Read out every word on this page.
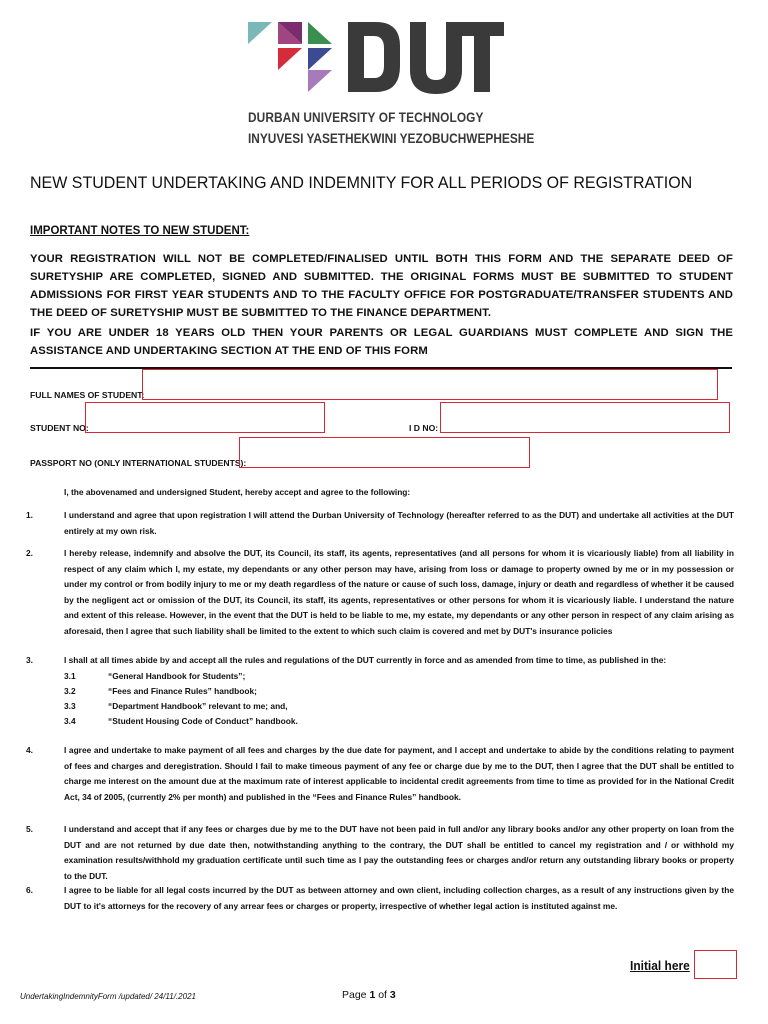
DURBAN UNIVERSITY OF TECHNOLOGY
INYUVESI YASETHEKWINI YEZOBUCHWEPHESHE
NEW STUDENT UNDERTAKING AND INDEMNITY FOR ALL PERIODS OF REGISTRATION
IMPORTANT NOTES TO NEW STUDENT:
YOUR REGISTRATION WILL NOT BE COMPLETED/FINALISED UNTIL BOTH THIS FORM AND THE SEPARATE DEED OF SURETYSHIP ARE COMPLETED, SIGNED AND SUBMITTED. THE ORIGINAL FORMS MUST BE SUBMITTED TO STUDENT ADMISSIONS FOR FIRST YEAR STUDENTS AND TO THE FACULTY OFFICE FOR POSTGRADUATE/TRANSFER STUDENTS AND THE DEED OF SURETYSHIP MUST BE SUBMITTED TO THE FINANCE DEPARTMENT.
IF YOU ARE UNDER 18 YEARS OLD THEN YOUR PARENTS OR LEGAL GUARDIANS MUST COMPLETE AND SIGN THE ASSISTANCE AND UNDERTAKING SECTION AT THE END OF THIS FORM
FULL NAMES OF STUDENT:
STUDENT NO:	I D NO:
PASSPORT NO (ONLY INTERNATIONAL STUDENTS):
I, the abovenamed and undersigned Student, hereby accept and agree to the following:
1.	I understand and agree that upon registration I will attend the Durban University of Technology (hereafter referred to as the DUT) and undertake all activities at the DUT entirely at my own risk.
2.	I hereby release, indemnify and absolve the DUT, its Council, its staff, its agents, representatives (and all persons for whom it is vicariously liable) from all liability in respect of any claim which I, my estate, my dependants or any other person may have, arising from loss or damage to property owned by me or in my possession or under my control or from bodily injury to me or my death regardless of the nature or cause of such loss, damage, injury or death and regardless of whether it be caused by the negligent act or omission of the DUT, its Council, its staff, its agents, representatives or other persons for whom it is vicariously liable. I understand the nature and extent of this release. However, in the event that the DUT is held to be liable to me, my estate, my dependants or any other person in respect of any claim arising as aforesaid, then I agree that such liability shall be limited to the extent to which such claim is covered and met by DUT's insurance policies
3.	I shall at all times abide by and accept all the rules and regulations of the DUT currently in force and as amended from time to time, as published in the:
3.1	“General Handbook for Students”;
3.2	“Fees and Finance Rules” handbook;
3.3	“Department Handbook” relevant to me; and,
3.4	“Student Housing Code of Conduct” handbook.
4.	I agree and undertake to make payment of all fees and charges by the due date for payment, and I accept and undertake to abide by the conditions relating to payment of fees and charges and deregistration. Should I fail to make timeous payment of any fee or charge due by me to the DUT, then I agree that the DUT shall be entitled to charge me interest on the amount due at the maximum rate of interest applicable to incidental credit agreements from time to time as provided for in the National Credit Act, 34 of 2005, (currently 2% per month) and published in the “Fees and Finance Rules” handbook.
5.	I understand and accept that if any fees or charges due by me to the DUT have not been paid in full and/or any library books and/or any other property on loan from the DUT and are not returned by due date then, notwithstanding anything to the contrary, the DUT shall be entitled to cancel my registration and / or withhold my examination results/withhold my graduation certificate until such time as I pay the outstanding fees or charges and/or return any outstanding library books or property to the DUT.
6.	I agree to be liable for all legal costs incurred by the DUT as between attorney and own client, including collection charges, as a result of any instructions given by the DUT to it's attorneys for the recovery of any arrear fees or charges or property, irrespective of whether legal action is instituted against me.
Initial here
UndertakingIndemnityForm /updated/ 24/11/.2021	Page 1 of 3
